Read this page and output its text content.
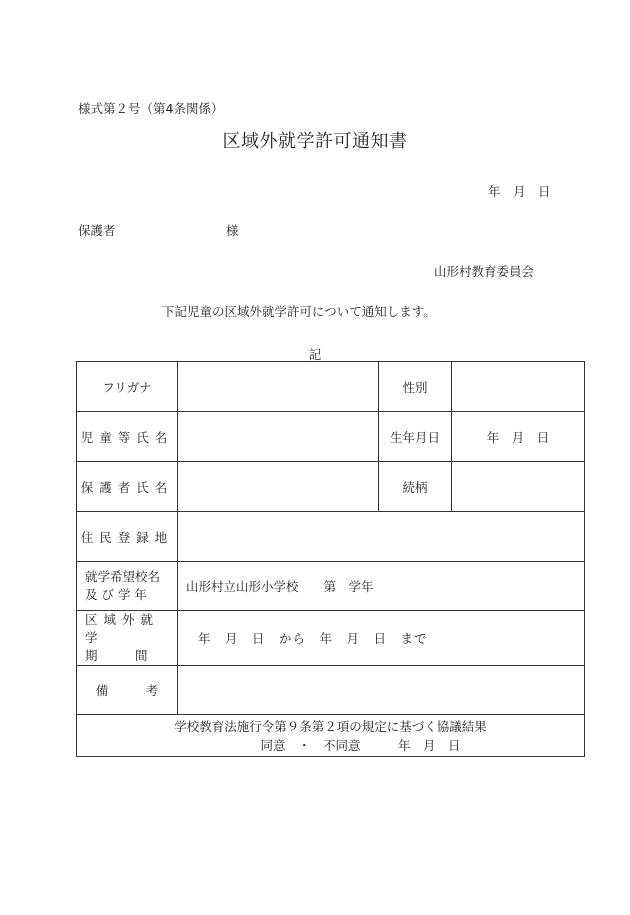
様式第２号（第4条関係）
区域外就学許可通知書
年　月　日
保護者	様
山形村教育委員会
下記児童の区域外就学許可について通知します。
記
フリガナ		性別	
児童等氏名		生年月日	年　月　日
保護者氏名		続柄	
住民登録地			

就学希望校名
及 び 学 年	山形村立山形小学校　　第　学年		

区域外就学
期　　　間	年　月　日　から　年　月　日　まで		
備　　　考			

学校教育法施行令第９条第２項の規定に基づく協議結果
同意　・　不同意　　　年　月　日			
